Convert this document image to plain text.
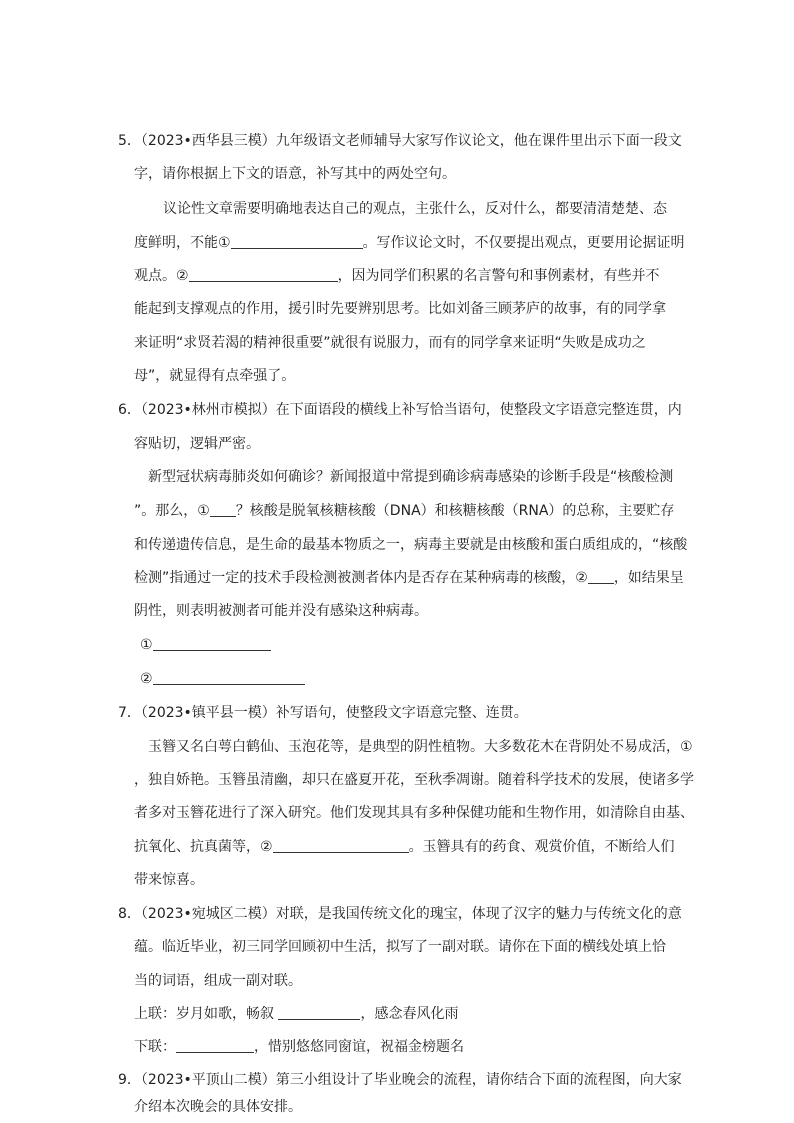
5．（2023•西华县三模）九年级语文老师辅导大家写作议论文，他在课件里出示下面一段文
字，请你根据上下文的语意，补写其中的两处空句。
议论性文章需要明确地表达自己的观点，主张什么，反对什么，都要清清楚楚、态
度鲜明，不能①	。写作议论文时，不仅要提出观点，更要用论据证明
观点。②	，因为同学们积累的名言警句和事例素材，有些并不
能起到支撑观点的作用，援引时先要辨别思考。比如刘备三顾茅庐的故事，有的同学拿
来证明“求贤若渴的精神很重要”就很有说服力，而有的同学拿来证明“失败是成功之
母”，就显得有点牵强了。
6．（2023•林州市模拟）在下面语段的横线上补写恰当语句，使整段文字语意完整连贯，内
容贴切，逻辑严密。
新型冠状病毒肺炎如何确诊？新闻报道中常提到确诊病毒感染的诊断手段是“核酸检测
”。那么，① ？核酸是脱氧核糖核酸（DNA）和核糖核酸（RNA）的总称，主要贮存
和传递遗传信息，是生命的最基本物质之一，病毒主要就是由核酸和蛋白质组成的，“核酸
检测”指通过一定的技术手段检测被测者体内是否存在某种病毒的核酸，② ，如结果呈
阴性，则表明被测者可能并没有感染这种病毒。
①
②
7．（2023•镇平县一模）补写语句，使整段文字语意完整、连贯。
玉簪又名白萼白鹤仙、玉泡花等，是典型的阴性植物。大多数花木在背阴处不易成活，①
，独自娇艳。玉簪虽清幽，却只在盛夏开花，至秋季凋谢。随着科学技术的发展，使诸多学
者多对玉簪花进行了深入研究。他们发现其具有多种保健功能和生物作用，如清除自由基、
抗氧化、抗真菌等，②	。玉簪具有的药食、观赏价值，不断给人们
带来惊喜。
8．（2023•宛城区二模）对联，是我国传统文化的瑰宝，体现了汉字的魅力与传统文化的意
蕴。临近毕业，初三同学回顾初中生活，拟写了一副对联。请你在下面的横线处填上恰
当的词语，组成一副对联。
上联：岁月如歌，畅叙	，感念春风化雨
下联：	，惜别悠悠同窗谊，祝福金榜题名
9．（2023•平顶山二模）第三小组设计了毕业晚会的流程，请你结合下面的流程图，向大家
介绍本次晚会的具体安排。
